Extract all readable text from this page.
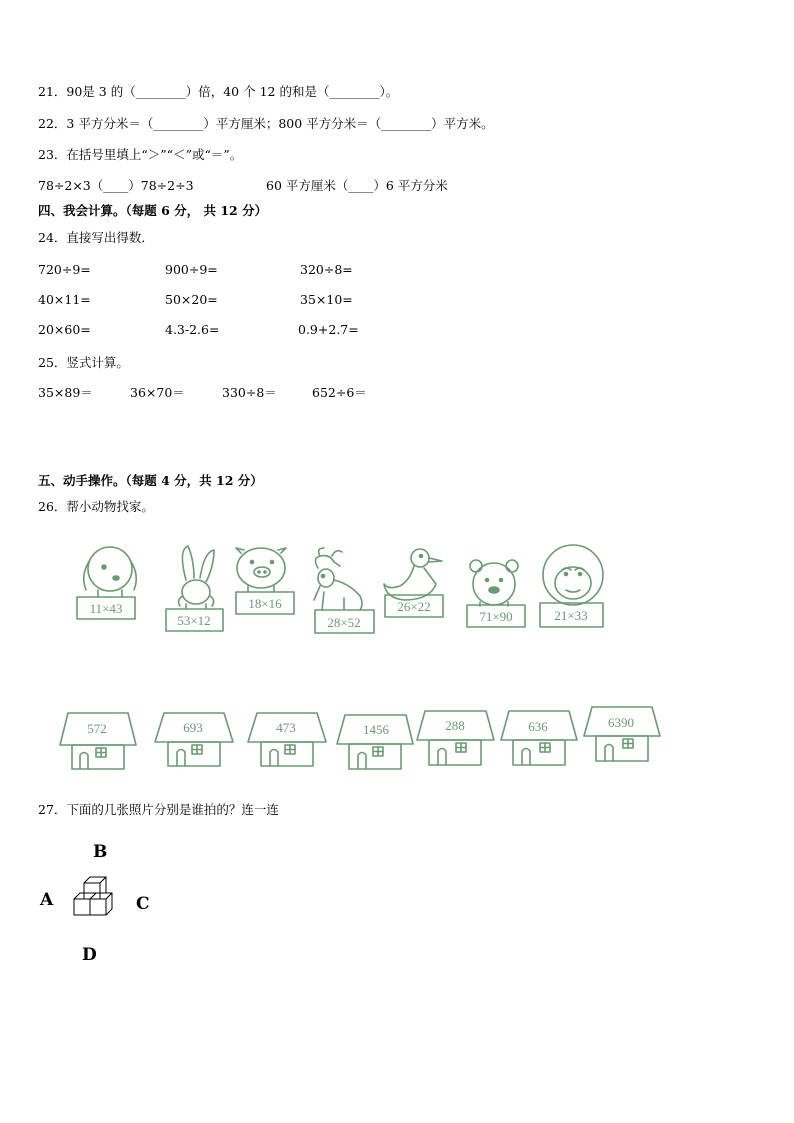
21．90是 3 的（________）倍，40 个 12 的和是（________）。
22．3 平方分米＝（________）平方厘米；800 平方分米＝（________）平方米。
23．在括号里填上“＞”“＜”或“＝”。
78÷2×3（____）78÷2÷3	60 平方厘米（____）6 平方分米
四、我会计算。（每题 6 分， 共 12 分）
24．直接写出得数．
720÷9=	900÷9=	320÷8=
40×11=	50×20=	35×10=
20×60=	4.3-2.6=	0.9+2.7=
25．竖式计算。
35×89＝	36×70＝	330÷8＝	652÷6＝
五、动手操作。（每题 4 分，共 12 分）
26．帮小动物找家。
11×43
53×12
18×16
28×52
26×22
71×90	21×33
572	693	473	1456	288	636	6390
27．下面的几张照片分别是谁拍的？连一连
B
A	C
D
